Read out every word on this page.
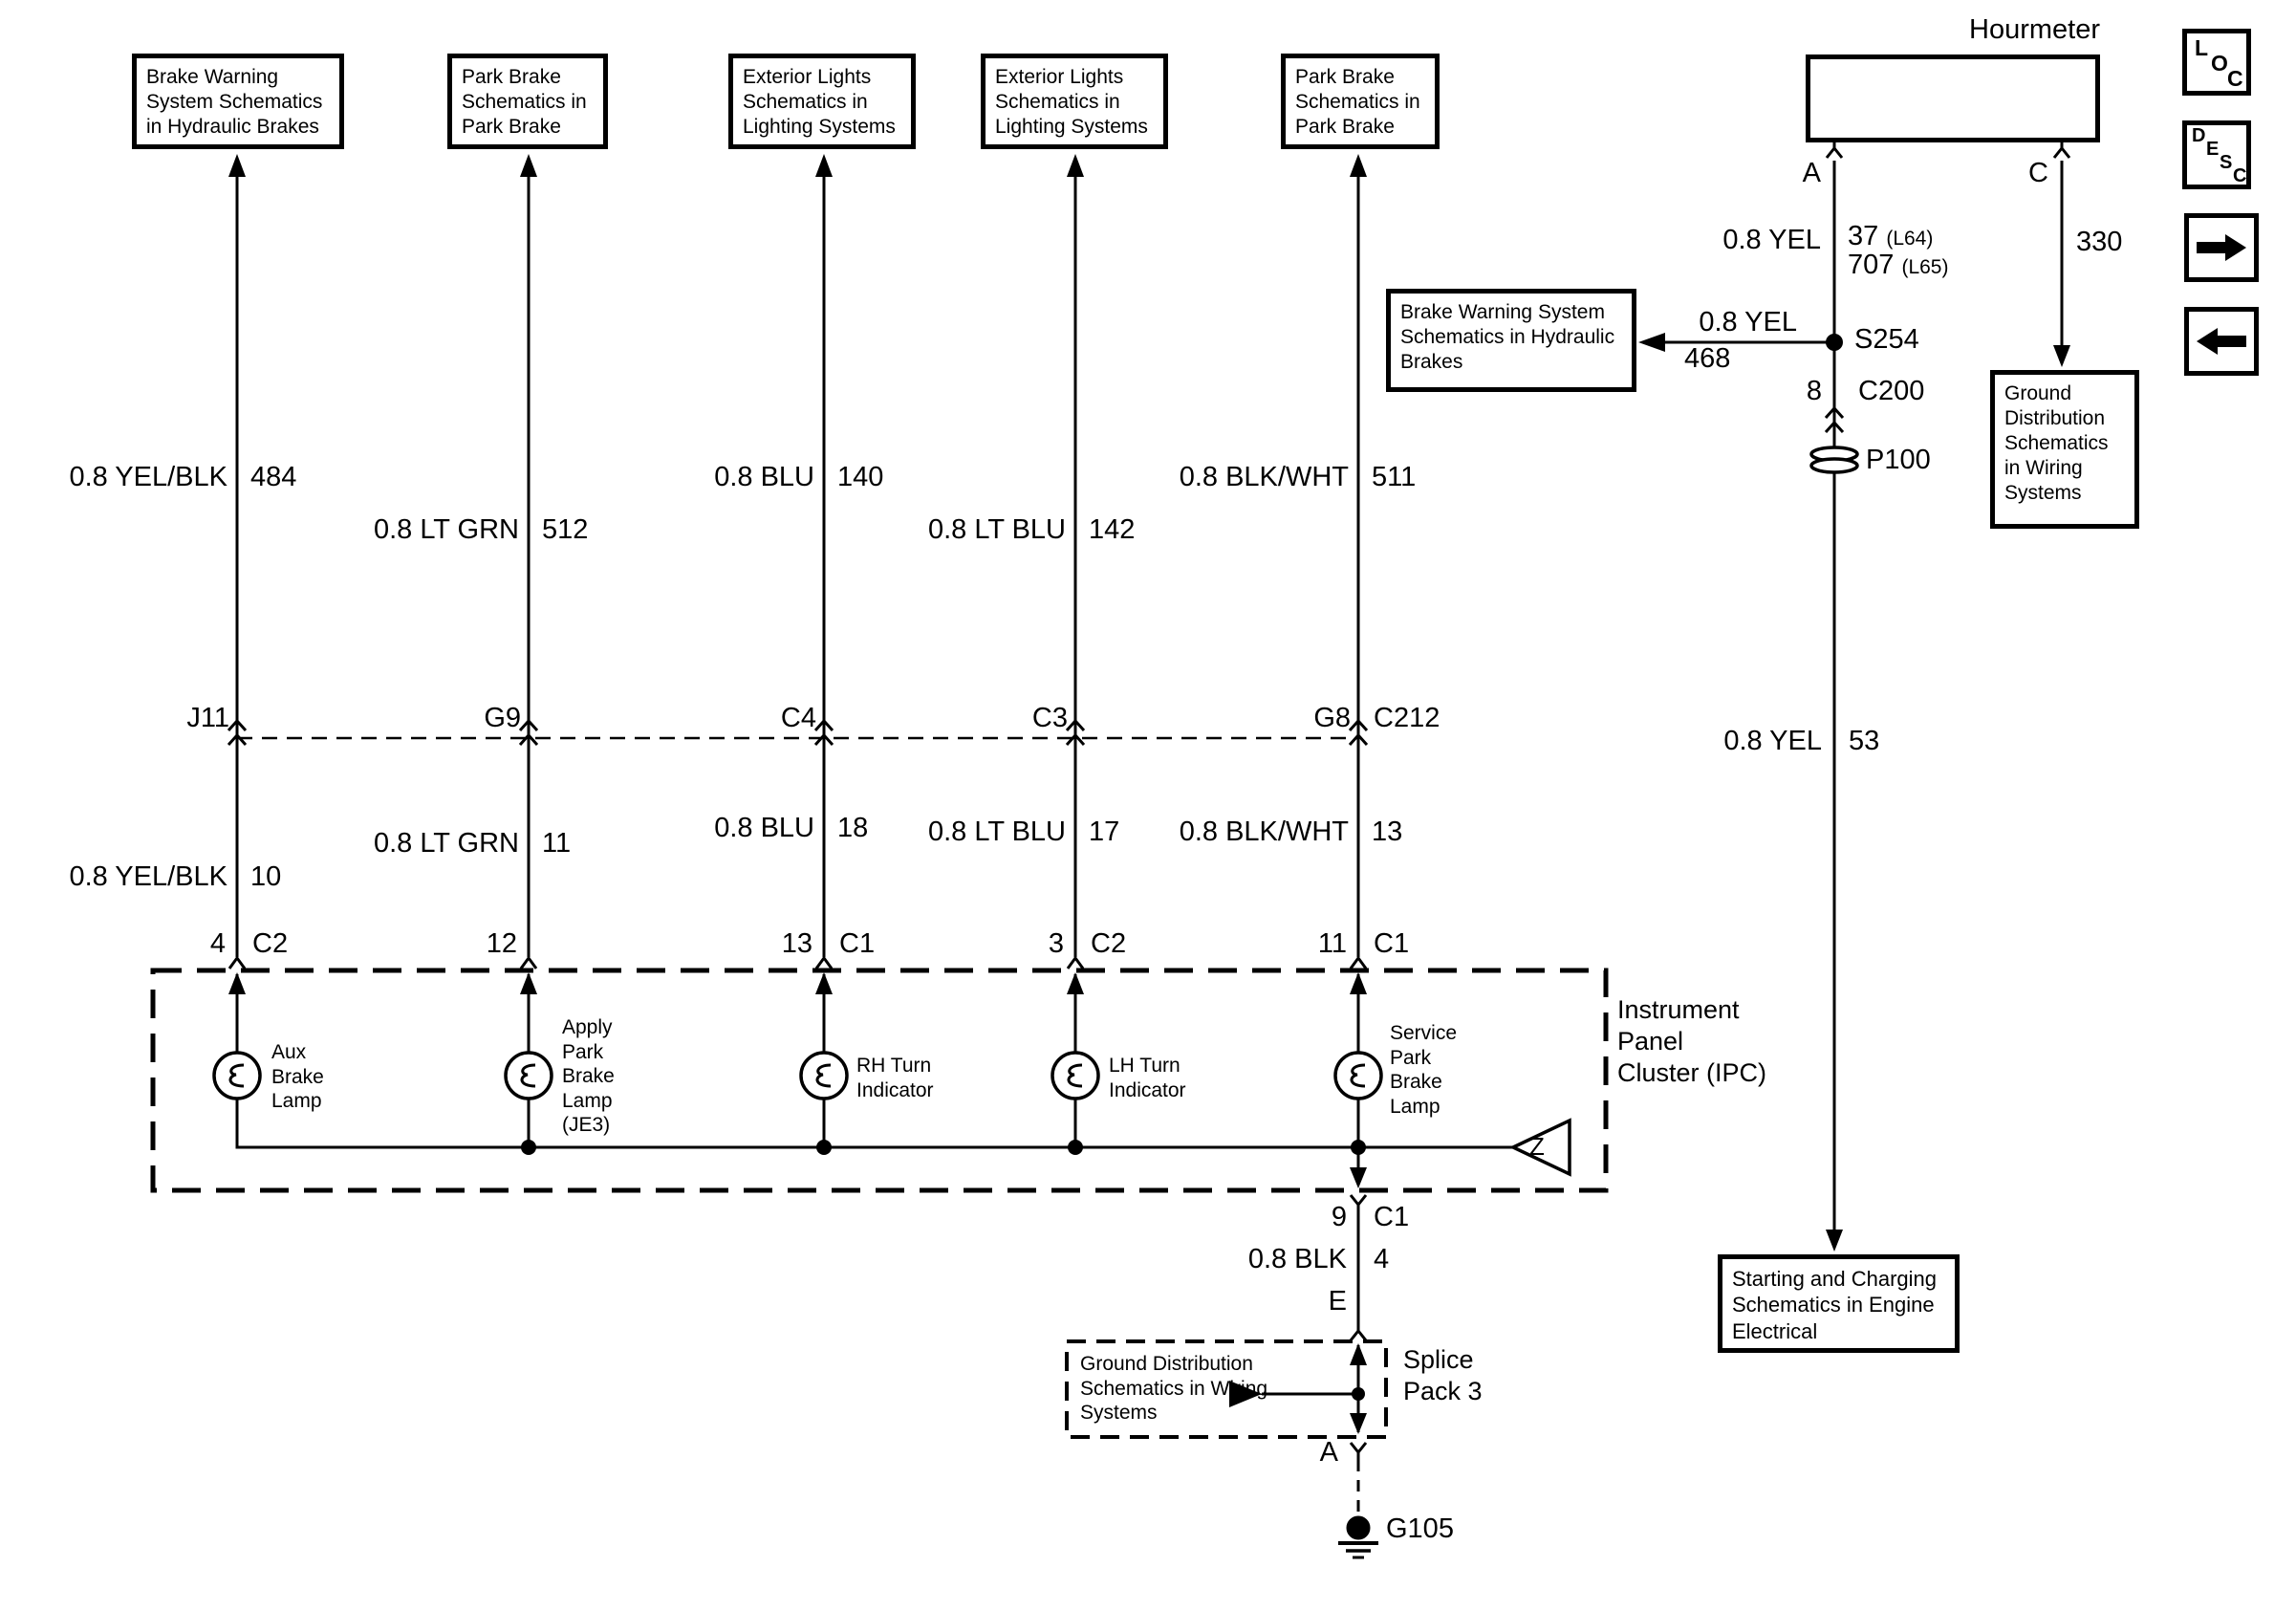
Brake Warning System Schematics in Hydraulic Brakes
Park Brake Schematics in Park Brake
Exterior Lights Schematics in Lighting Systems
Exterior Lights Schematics in Lighting Systems
Park Brake Schematics in Park Brake
0.8 YEL/BLK 484
0.8 LT GRN 512
0.8 BLU 140
0.8 LT BLU 142
0.8 BLK/WHT 511
J11	G9	C4	C3	G8 C212
0.8 YEL/BLK 10
0.8 LT GRN 11	0.8 BLU 18	0.8 LT BLU 17	0.8 BLK/WHT 13
4 C2	12	13 C1	3 C2	11 C1
Aux Brake Lamp
Apply Park Brake Lamp (JE3)
RH Turn Indicator
LH Turn Indicator
Service Park Brake Lamp
Z
Instrument Panel Cluster (IPC)
9 C1
0.8 BLK 4
E
Ground Distribution Schematics in Wiring Systems
Splice Pack 3
A
G105
Hourmeter
A	C
0.8 YEL 37 (L64)
707 (L65)
0.8 YEL
468
S254
8 C200
P100
330
0.8 YEL 53
Brake Warning System Schematics in Hydraulic Brakes
Ground Distribution Schematics in Wiring Systems
Starting and Charging Schematics in Engine Electrical
L
O
C
D
E
S
C
